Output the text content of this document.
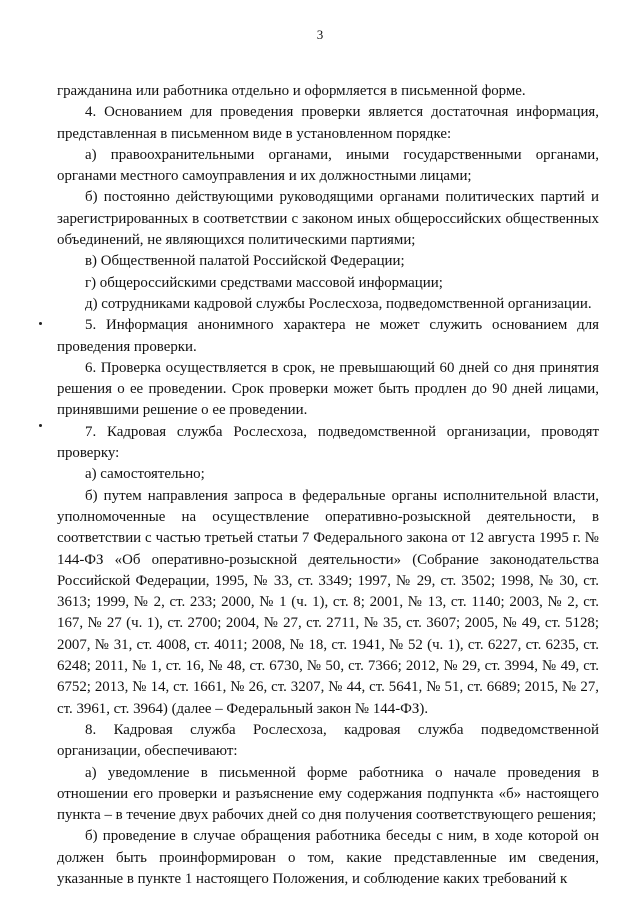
3

гражданина или работника отдельно и оформляется в письменной форме.

4. Основанием для проведения проверки является достаточная информация, представленная в письменном виде в установленном порядке:

а) правоохранительными органами, иными государственными органами, органами местного самоуправления и их должностными лицами;

б) постоянно действующими руководящими органами политических партий и зарегистрированных в соответствии с законом иных общероссийских общественных объединений, не являющихся политическими партиями;

в) Общественной палатой Российской Федерации;

г) общероссийскими средствами массовой информации;

д) сотрудниками кадровой службы Рослесхоза, подведомственной организации.

5. Информация анонимного характера не может служить основанием для проведения проверки.

6. Проверка осуществляется в срок, не превышающий 60 дней со дня принятия решения о ее проведении. Срок проверки может быть продлен до 90 дней лицами, принявшими решение о ее проведении.

7. Кадровая служба Рослесхоза, подведомственной организации, проводят проверку:

а) самостоятельно;

б) путем направления запроса в федеральные органы исполнительной власти, уполномоченные на осуществление оперативно-розыскной деятельности, в соответствии с частью третьей статьи 7 Федерального закона от 12 августа 1995 г. № 144-ФЗ «Об оперативно-розыскной деятельности» (Собрание законодательства Российской Федерации, 1995, № 33, ст. 3349; 1997, № 29, ст. 3502; 1998, № 30, ст. 3613; 1999, № 2, ст. 233; 2000, № 1 (ч. 1), ст. 8; 2001, № 13, ст. 1140; 2003, № 2, ст. 167, № 27 (ч. 1), ст. 2700; 2004, № 27, ст. 2711, № 35, ст. 3607; 2005, № 49, ст. 5128; 2007, № 31, ст. 4008, ст. 4011; 2008, № 18, ст. 1941, № 52 (ч. 1), ст. 6227, ст. 6235, ст. 6248; 2011, № 1, ст. 16, № 48, ст. 6730, № 50, ст. 7366; 2012, № 29, ст. 3994, № 49, ст. 6752; 2013, № 14, ст. 1661, № 26, ст. 3207, № 44, ст. 5641, № 51, ст. 6689; 2015, № 27, ст. 3961, ст. 3964) (далее – Федеральный закон № 144-ФЗ).

8. Кадровая служба Рослесхоза, кадровая служба подведомственной организации, обеспечивают:

а) уведомление в письменной форме работника о начале проведения в отношении его проверки и разъяснение ему содержания подпункта «б» настоящего пункта – в течение двух рабочих дней со дня получения соответствующего решения;

б) проведение в случае обращения работника беседы с ним, в ходе которой он должен быть проинформирован о том, какие представленные им сведения, указанные в пункте 1 настоящего Положения, и соблюдение каких требований к
